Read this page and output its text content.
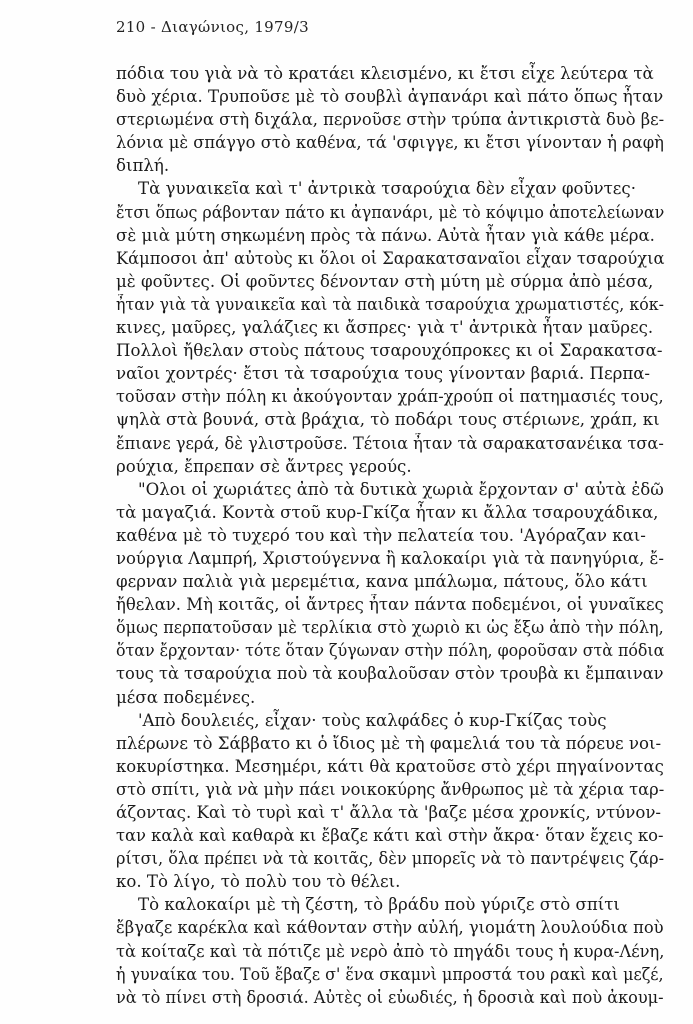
210 - Διαγώνιος, 1979/3
πόδια του γιὰ νὰ τὸ κρατάει κλεισμένο, κι ἔτσι εἶχε λεύτερα τὰ
δυὸ χέρια. Τρυποῦσε μὲ τὸ σουβλὶ ἀγπανάρι καὶ πάτο ὅπως ἦταν
στεριωμένα στὴ διχάλα, περνοῦσε στὴν τρύπα ἀντικριστὰ δυὸ βε-
λόνια μὲ σπάγγο στὸ καθένα, τά 'σφιγγε, κι ἔτσι γίνονταν ἡ ραφὴ
διπλή.
Τὰ γυναικεῖα καὶ τ' ἀντρικὰ τσαρούχια δὲν εἶχαν φοῦντες·
ἔτσι ὅπως ράβονταν πάτο κι ἀγπανάρι, μὲ τὸ κόψιμο ἀποτελείωναν
σὲ μιὰ μύτη σηκωμένη πρὸς τὰ πάνω. Αὐτὰ ἦταν γιὰ κάθε μέρα.
Κάμποσοι ἀπ' αὐτοὺς κι ὅλοι οἱ Σαρακατσαναῖοι εἶχαν τσαρούχια
μὲ φοῦντες. Οἱ φοῦντες δένονταν στὴ μύτη μὲ σύρμα ἀπὸ μέσα,
ἦταν γιὰ τὰ γυναικεῖα καὶ τὰ παιδικὰ τσαρούχια χρωματιστές, κόκ-
κινες, μαῦρες, γαλάζιες κι ἄσπρες· γιὰ τ' ἀντρικὰ ἦταν μαῦρες.
Πολλοὶ ἤθελαν στοὺς πάτους τσαρουχόπροκες κι οἱ Σαρακατσα-
ναῖοι χοντρές· ἔτσι τὰ τσαρούχια τους γίνονταν βαριά. Περπα-
τοῦσαν στὴν πόλη κι ἀκούγονταν χράπ-χρούπ οἱ πατημασιές τους,
ψηλὰ στὰ βουνά, στὰ βράχια, τὸ ποδάρι τους στέριωνε, χράπ, κι
ἔπιανε γερά, δὲ γλιστροῦσε. Τέτοια ἦταν τὰ σαρακατσανέικα τσα-
ρούχια, ἔπρεπαν σὲ ἄντρες γερούς.
"Ολοι οἱ χωριάτες ἀπὸ τὰ δυτικὰ χωριὰ ἔρχονταν σ' αὐτὰ ἐδῶ
τὰ μαγαζιά. Κοντὰ στοῦ κυρ-Γκίζα ἦταν κι ἄλλα τσαρουχάδικα,
καθένα μὲ τὸ τυχερό του καὶ τὴν πελατεία του. 'Αγόραζαν και-
νούργια Λαμπρή, Χριστούγεννα ἢ καλοκαίρι γιὰ τὰ πανηγύρια, ἔ-
φερναν παλιὰ γιὰ μερεμέτια, κανα μπάλωμα, πάτους, ὅλο κάτι
ἤθελαν. Μὴ κοιτᾶς, οἱ ἄντρες ἦταν πάντα ποδεμένοι, οἱ γυναῖκες
ὅμως περπατοῦσαν μὲ τερλίκια στὸ χωριὸ κι ὡς ἔξω ἀπὸ τὴν πόλη,
ὅταν ἔρχονταν· τότε ὅταν ζύγωναν στὴν πόλη, φοροῦσαν στὰ πόδια
τους τὰ τσαρούχια ποὺ τὰ κουβαλοῦσαν στὸν τρουβὰ κι ἔμπαιναν
μέσα ποδεμένες.
'Απὸ δουλειές, εἶχαν· τοὺς καλφάδες ὁ κυρ-Γκίζας τοὺς
πλέρωνε τὸ Σάββατο κι ὁ ἴδιος μὲ τὴ φαμελιά του τὰ πόρευε νοι-
κοκυρίστηκα. Μεσημέρι, κάτι θὰ κρατοῦσε στὸ χέρι πηγαίνοντας
στὸ σπίτι, γιὰ νὰ μὴν πάει νοικοκύρης ἄνθρωπος μὲ τὰ χέρια ταρ-
άζοντας. Καὶ τὸ τυρὶ καὶ τ' ἄλλα τὰ 'βαζε μέσα χρονκίς, ντύνον-
ταν καλὰ καὶ καθαρὰ κι ἔβαζε κάτι καὶ στὴν ἄκρα· ὅταν ἔχεις κο-
ρίτσι, ὅλα πρέπει νὰ τὰ κοιτᾶς, δὲν μπορεῖς νὰ τὸ παντρέψεις ζάρ-
κο. Τὸ λίγο, τὸ πολὺ του τὸ θέλει.
Τὸ καλοκαίρι μὲ τὴ ζέστη, τὸ βράδυ ποὺ γύριζε στὸ σπίτι
ἔβγαζε καρέκλα καὶ κάθονταν στὴν αὐλή, γιομάτη λουλούδια ποὺ
τὰ κοίταζε καὶ τὰ πότιζε μὲ νερὸ ἀπὸ τὸ πηγάδι τους ἡ κυρα-Λένη,
ἡ γυναίκα του. Τοῦ ἔβαζε σ' ἕνα σκαμνὶ μπροστά του ρακὶ καὶ μεζέ,
νὰ τὸ πίνει στὴ δροσιά. Αὐτὲς οἱ εὐωδιές, ἡ δροσιὰ καὶ ποὺ ἀκουμ-
